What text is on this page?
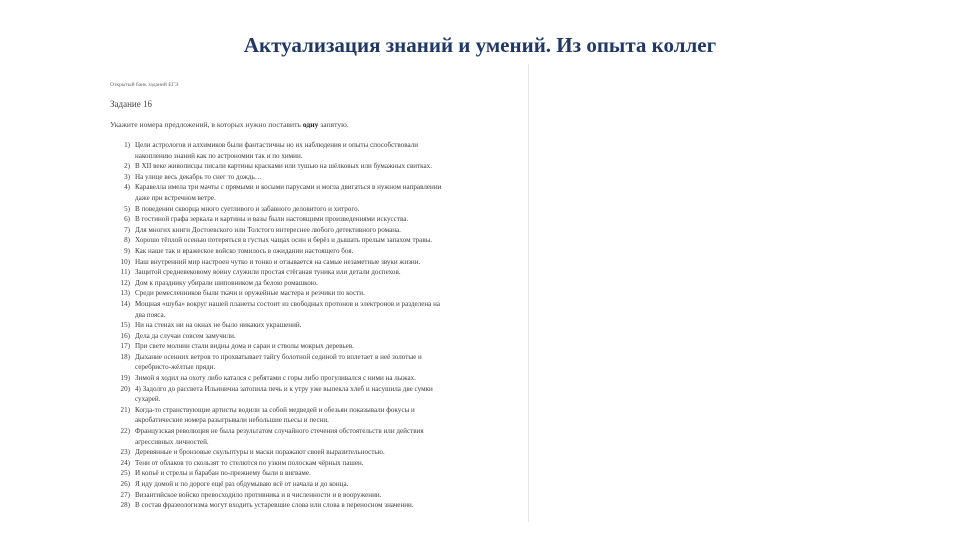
Актуализация знаний и умений. Из опыта коллег
Открытый банк заданий ЕГЭ
Задание 16
Укажите номера предложений, в которых нужно поставить одну запятую.
1) Цели астрологов и алхимиков были фантастичны но их наблюдения и опыты способствовали
накоплению знаний как по астрономии так и по химии.
2) В XII веке живописцы писали картины красками или тушью на шёлковых или бумажных свитках.
3) На улице весь декабрь то снег то дождь…
4) Каравелла имела три мачты с прямыми и косыми парусами и могла двигаться в нужном направлении
даже при встречном ветре.
5) В поведении скворца много суетливого и забавного деловитого и хитрого.
6) В гостиной графа зеркала и картины и вазы были настоящими произведениями искусства.
7) Для многих книги Достоевского или Толстого интереснее любого детективного романа.
8) Хорошо тёплой осенью потеряться в густых чащах осин и берёз и дышать прелым запахом травы.
9) Как наше так и вражеское войско томилось в ожидании настоящего боя.
10) Наш внутренний мир настроен чутко и тонко и отзывается на самые незаметные звуки жизни.
11) Защитой средневековому воину служили простая стёганая туника или детали доспехов.
12) Дом к празднику убирали шиповником да белою ромашкою.
13) Среди ремесленников были ткачи и оружейные мастера и резчики по кости.
14) Мощная «шуба» вокруг нашей планеты состоит из свободных протонов и электронов и разделена на
два пояса.
15) Ни на стенах ни на окнах не было никаких украшений.
16) Дела да случаи совсем замучили.
17) При свете молнии стали видны дома и сараи и стволы мокрых деревьев.
18) Дыхание осенних ветров то прохватывает тайгу болотной сединой то вплетает в неё золотые и
серебристо-жёлтые пряди.
19) Зимой я ходил на охоту либо катался с ребятами с горы либо прогуливался с ними на лыжах.
20) 4) Задолго до рассвета Ильинична затопила печь и к утру уже выпекла хлеб и насушила две сумки
сухарей.
21) Когда-то странствующие артисты водили за собой медведей и обезьян показывали фокусы и
акробатические номера разыгрывали небольшие пьесы и песни.
22) Французская революция не была результатом случайного стечения обстоятельств или действия
агрессивных личностей.
23) Деревянные и бронзовые скульптуры и маски поражают своей выразительностью.
24) Тени от облаков то скользят то стелются по узким полоскам чёрных пашен.
25) И копьё и стрелы и барабан по-прежнему были в вигваме.
26) Я иду домой и по дороге ещё раз обдумываю всё от начала и до конца.
27) Византийское войско превосходило противника и в численности и в вооружении.
28) В состав фразеологизма могут входить устаревшие слова или слова в переносном значении.
